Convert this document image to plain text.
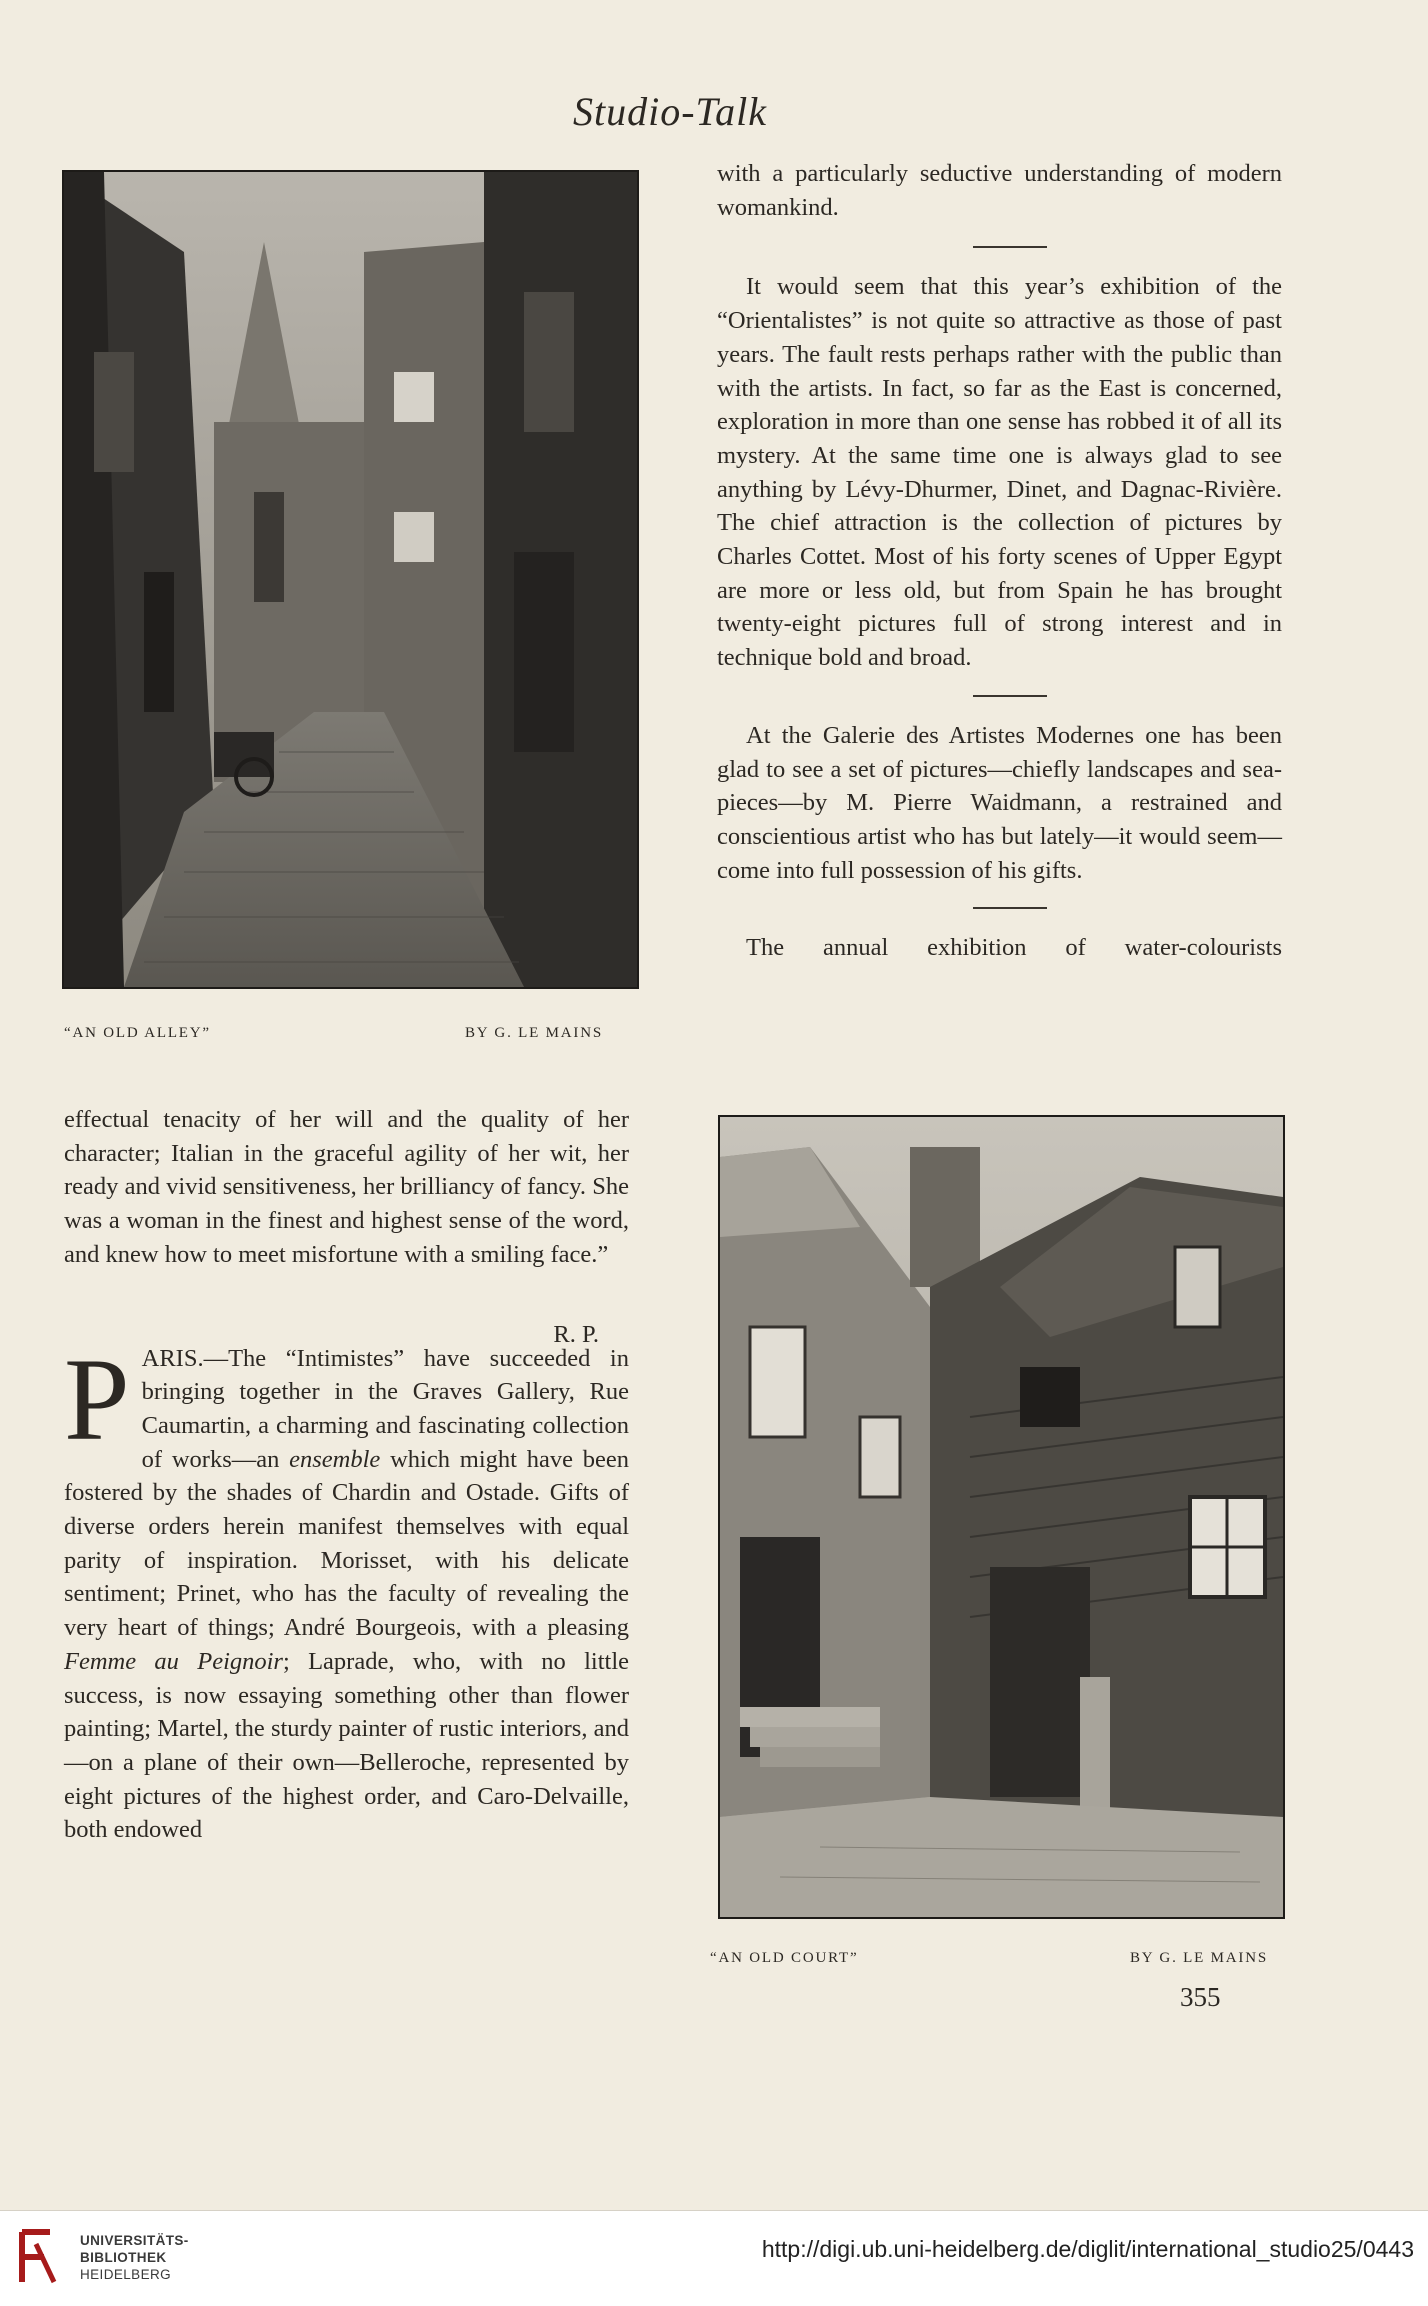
Studio-Talk
“AN OLD ALLEY”	BY G. LE MAINS

with a particularly seductive understanding of modern womankind.

It would seem that this year’s exhibition of the “Orientalistes” is not quite so attractive as those of past years. The fault rests perhaps rather with the public than with the artists. In fact, so far as the East is concerned, exploration in more than one sense has robbed it of all its mystery. At the same time one is always glad to see anything by Lévy-Dhurmer, Dinet, and Dagnac-Rivière. The chief attraction is the collection of pictures by Charles Cottet. Most of his forty scenes of Upper Egypt are more or less old, but from Spain he has brought twenty-eight pictures full of strong interest and in technique bold and broad.

At the Galerie des Artistes Modernes one has been glad to see a set of pictures—chiefly landscapes and sea-pieces—by M. Pierre Waidmann, a restrained and conscientious artist who has but lately—it would seem—come into full possession of his gifts.

The annual exhibition of water-colourists

effectual tenacity of her will and the quality of her character; Italian in the graceful agility of her wit, her ready and vivid sensitiveness, her brilliancy of fancy. She was a woman in the finest and highest sense of the word, and knew how to meet misfortune with a smiling face.”

R. P.

PARIS.—The “Intimistes” have succeeded in bringing together in the Graves Gallery, Rue Caumartin, a charming and fascinating collection of works—an ensemble which might have been fostered by the shades of Chardin and Ostade. Gifts of diverse orders herein manifest themselves with equal parity of inspiration. Morisset, with his delicate sentiment; Prinet, who has the faculty of revealing the very heart of things; André Bourgeois, with a pleasing Femme au Peignoir; Laprade, who, with no little success, is now essaying something other than flower painting; Martel, the sturdy painter of rustic interiors, and—on a plane of their own—Belleroche, represented by eight pictures of the highest order, and Caro-Delvaille, both endowed

“AN OLD COURT”	BY G. LE MAINS
355
UNIVERSITÄTS-
BIBLIOTHEK
HEIDELBERG
http://digi.ub.uni-heidelberg.de/diglit/international_studio25/0443
